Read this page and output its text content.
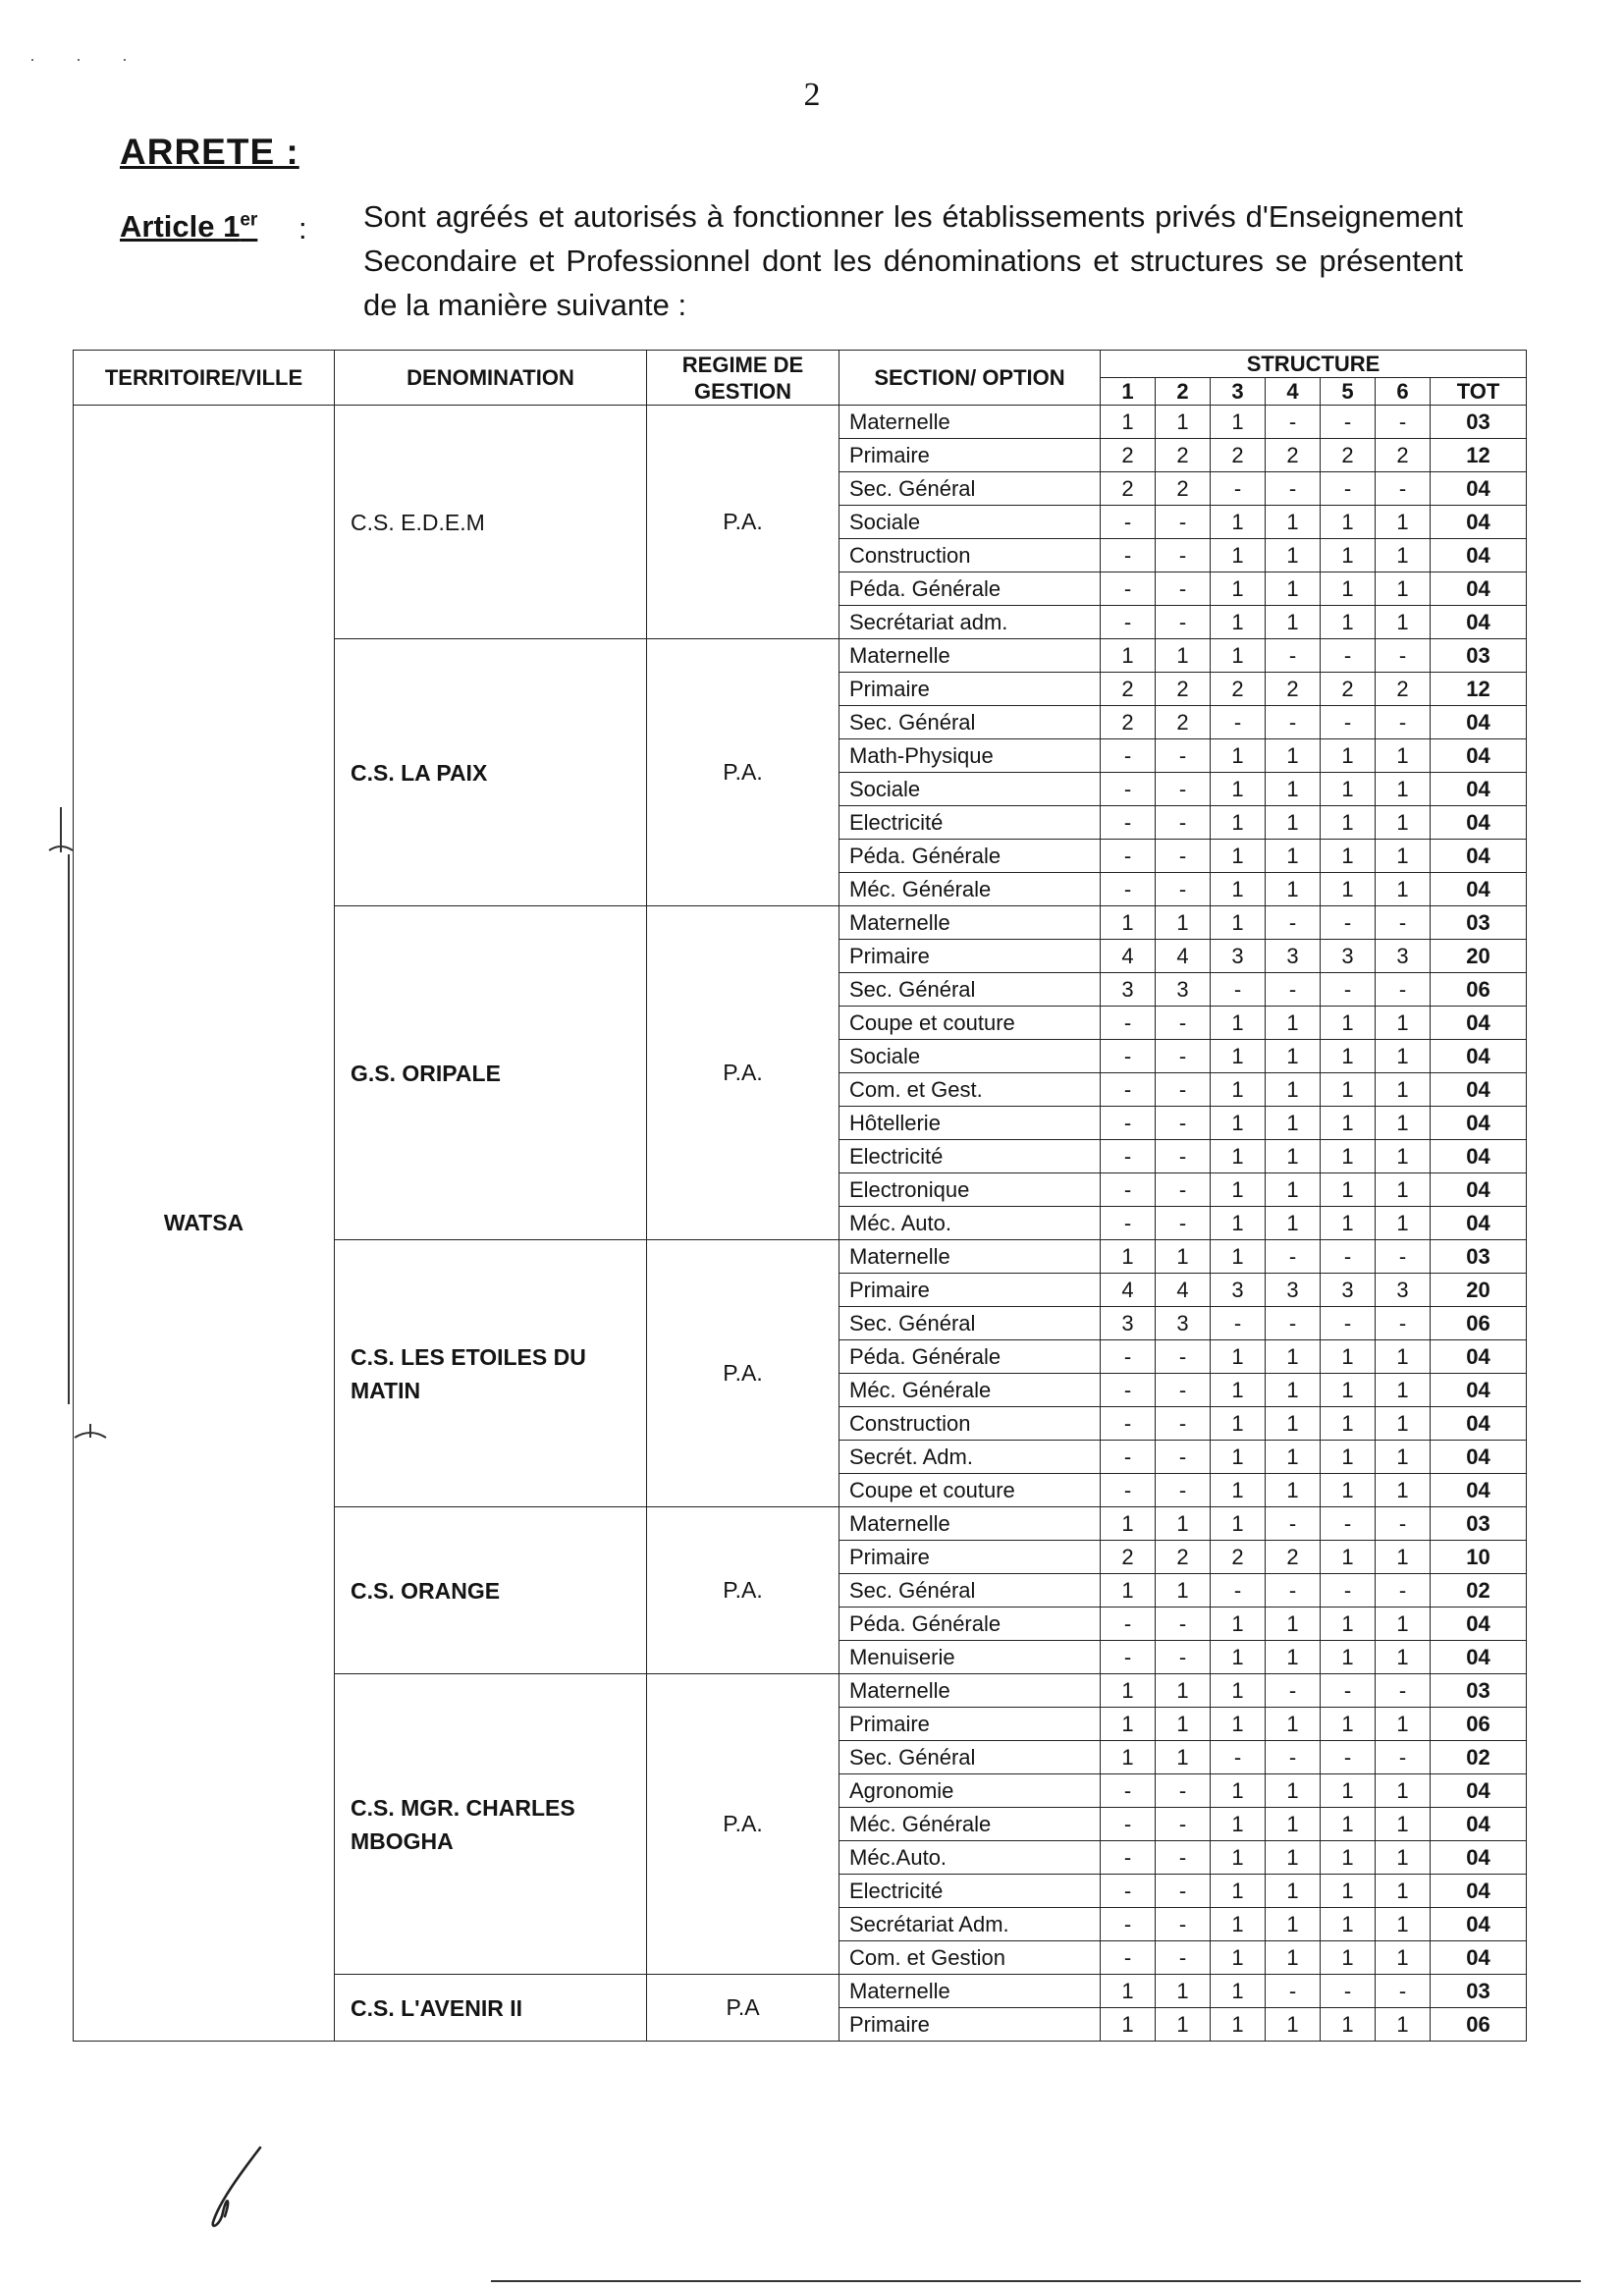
· · ·
2
ARRETE :
Article 1er : Sont agréés et autorisés à fonctionner les établissements privés d'Enseignement Secondaire et Professionnel dont les dénominations et structures se présentent de la manière suivante :
TERRITOIRE/VILLE	DENOMINATION	REGIME DE GESTION	SECTION/ OPTION	STRUCTURE						
				1	2	3	4	5	6	TOT
WATSA	C.S. E.D.E.M	P.A.	Maternelle	1	1	1	-	-	-	03
			Primaire	2	2	2	2	2	2	12
			Sec. Général	2	2	-	-	-	-	04
			Sociale	-	-	1	1	1	1	04
			Construction	-	-	1	1	1	1	04
			Péda. Générale	-	-	1	1	1	1	04
			Secrétariat adm.	-	-	1	1	1	1	04
	C.S. LA PAIX	P.A.	Maternelle	1	1	1	-	-	-	03
			Primaire	2	2	2	2	2	2	12
			Sec. Général	2	2	-	-	-	-	04
			Math-Physique	-	-	1	1	1	1	04
			Sociale	-	-	1	1	1	1	04
			Electricité	-	-	1	1	1	1	04
			Péda. Générale	-	-	1	1	1	1	04
			Méc. Générale	-	-	1	1	1	1	04
	G.S. ORIPALE	P.A.	Maternelle	1	1	1	-	-	-	03
			Primaire	4	4	3	3	3	3	20
			Sec. Général	3	3	-	-	-	-	06
			Coupe et couture	-	-	1	1	1	1	04
			Sociale	-	-	1	1	1	1	04
			Com. et Gest.	-	-	1	1	1	1	04
			Hôtellerie	-	-	1	1	1	1	04
			Electricité	-	-	1	1	1	1	04
			Electronique	-	-	1	1	1	1	04
			Méc. Auto.	-	-	1	1	1	1	04
	C.S. LES ETOILES DU MATIN	P.A.	Maternelle	1	1	1	-	-	-	03
			Primaire	4	4	3	3	3	3	20
			Sec. Général	3	3	-	-	-	-	06
			Péda. Générale	-	-	1	1	1	1	04
			Méc. Générale	-	-	1	1	1	1	04
			Construction	-	-	1	1	1	1	04
			Secrét. Adm.	-	-	1	1	1	1	04
			Coupe et couture	-	-	1	1	1	1	04
	C.S. ORANGE	P.A.	Maternelle	1	1	1	-	-	-	03
			Primaire	2	2	2	2	1	1	10
			Sec. Général	1	1	-	-	-	-	02
			Péda. Générale	-	-	1	1	1	1	04
			Menuiserie	-	-	1	1	1	1	04
	C.S. MGR. CHARLES MBOGHA	P.A.	Maternelle	1	1	1	-	-	-	03
			Primaire	1	1	1	1	1	1	06
			Sec. Général	1	1	-	-	-	-	02
			Agronomie	-	-	1	1	1	1	04
			Méc. Générale	-	-	1	1	1	1	04
			Méc.Auto.	-	-	1	1	1	1	04
			Electricité	-	-	1	1	1	1	04
			Secrétariat Adm.	-	-	1	1	1	1	04
			Com. et Gestion	-	-	1	1	1	1	04
	C.S. L'AVENIR II	P.A	Maternelle	1	1	1	-	-	-	03
			Primaire	1	1	1	1	1	1	06
